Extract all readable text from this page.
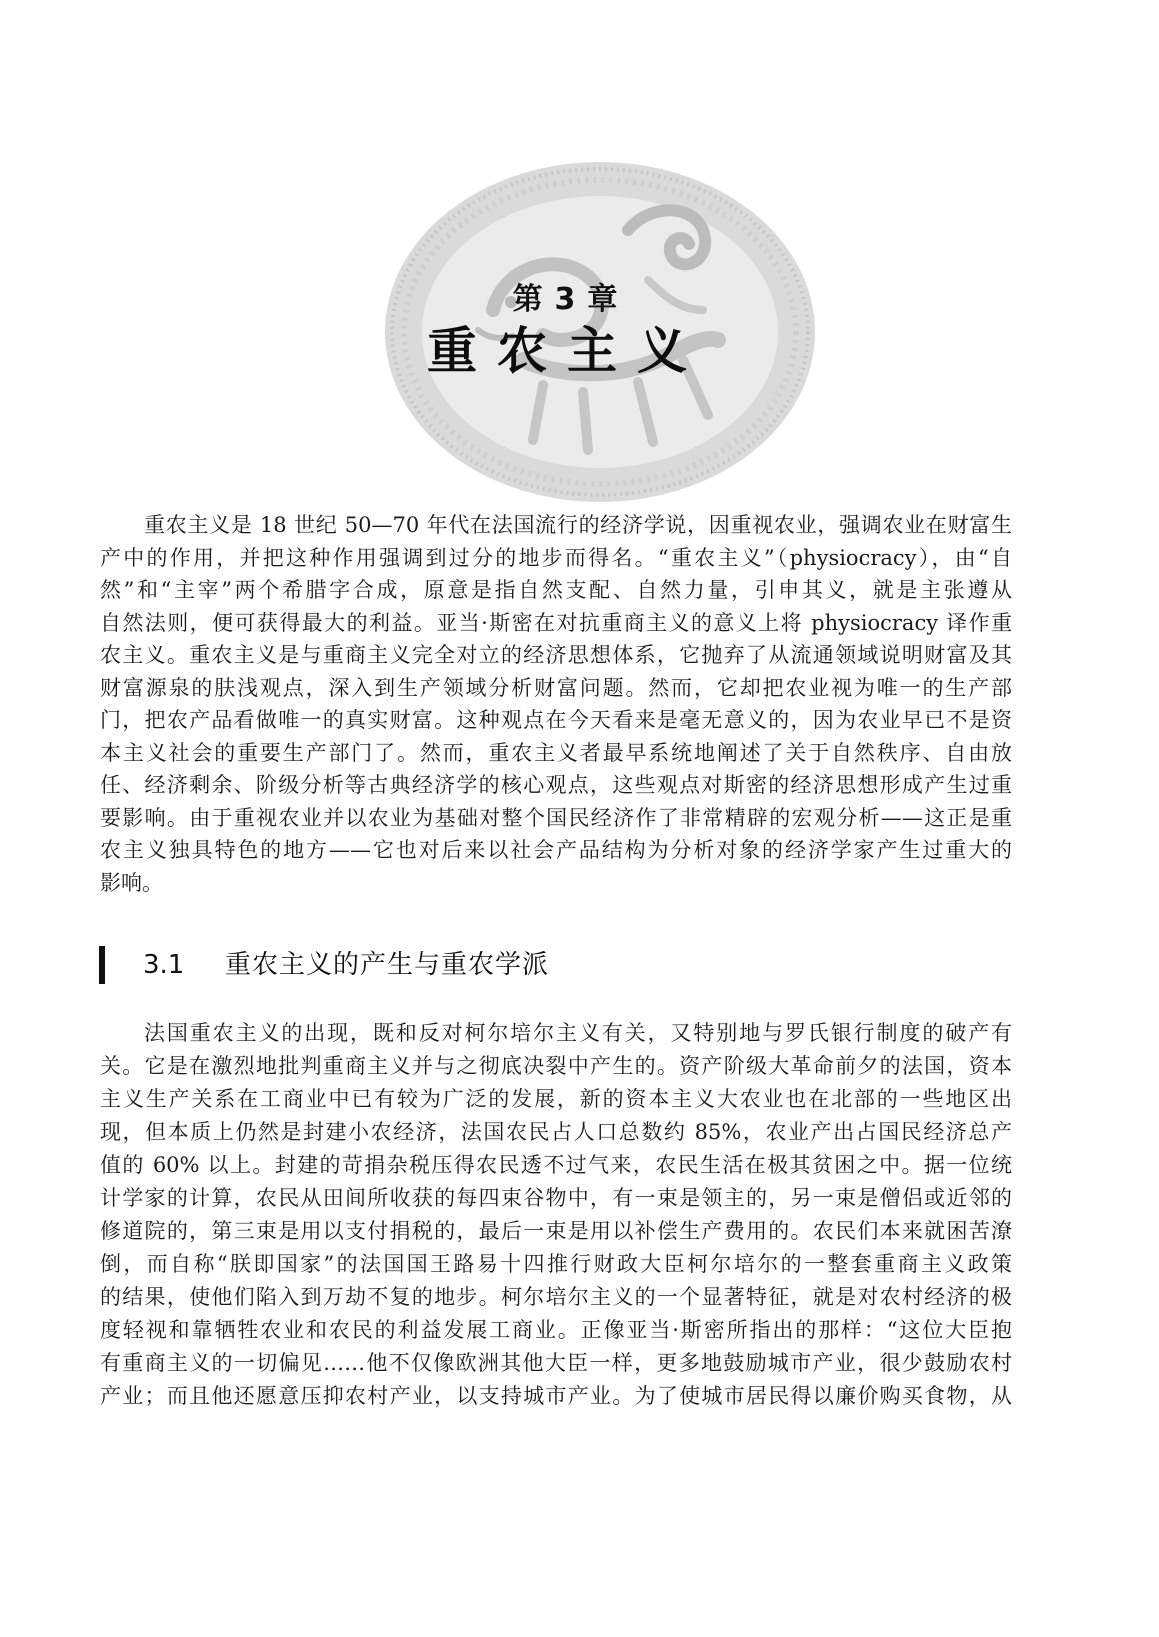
第3章
重农主义
重农主义是 18 世纪 50—70 年代在法国流行的经济学说，因重视农业，强调农业在财富生
产中的作用，并把这种作用强调到过分的地步而得名。“重农主义”（physiocracy），由“自
然”和“主宰”两个希腊字合成，原意是指自然支配、自然力量，引申其义，就是主张遵从
自然法则，便可获得最大的利益。亚当·斯密在对抗重商主义的意义上将 physiocracy 译作重
农主义。重农主义是与重商主义完全对立的经济思想体系，它抛弃了从流通领域说明财富及其
财富源泉的肤浅观点，深入到生产领域分析财富问题。然而，它却把农业视为唯一的生产部
门，把农产品看做唯一的真实财富。这种观点在今天看来是毫无意义的，因为农业早已不是资
本主义社会的重要生产部门了。然而，重农主义者最早系统地阐述了关于自然秩序、自由放
任、经济剩余、阶级分析等古典经济学的核心观点，这些观点对斯密的经济思想形成产生过重
要影响。由于重视农业并以农业为基础对整个国民经济作了非常精辟的宏观分析——这正是重
农主义独具特色的地方——它也对后来以社会产品结构为分析对象的经济学家产生过重大的
影响。
3.1 重农主义的产生与重农学派
法国重农主义的出现，既和反对柯尔培尔主义有关，又特别地与罗氏银行制度的破产有
关。它是在激烈地批判重商主义并与之彻底决裂中产生的。资产阶级大革命前夕的法国，资本
主义生产关系在工商业中已有较为广泛的发展，新的资本主义大农业也在北部的一些地区出
现，但本质上仍然是封建小农经济，法国农民占人口总数约 85%，农业产出占国民经济总产
值的 60% 以上。封建的苛捐杂税压得农民透不过气来，农民生活在极其贫困之中。据一位统
计学家的计算，农民从田间所收获的每四束谷物中，有一束是领主的，另一束是僧侣或近邻的
修道院的，第三束是用以支付捐税的，最后一束是用以补偿生产费用的。农民们本来就困苦潦
倒，而自称“朕即国家”的法国国王路易十四推行财政大臣柯尔培尔的一整套重商主义政策
的结果，使他们陷入到万劫不复的地步。柯尔培尔主义的一个显著特征，就是对农村经济的极
度轻视和靠牺牲农业和农民的利益发展工商业。正像亚当·斯密所指出的那样：“这位大臣抱
有重商主义的一切偏见……他不仅像欧洲其他大臣一样，更多地鼓励城市产业，很少鼓励农村
产业；而且他还愿意压抑农村产业，以支持城市产业。为了使城市居民得以廉价购买食物，从
